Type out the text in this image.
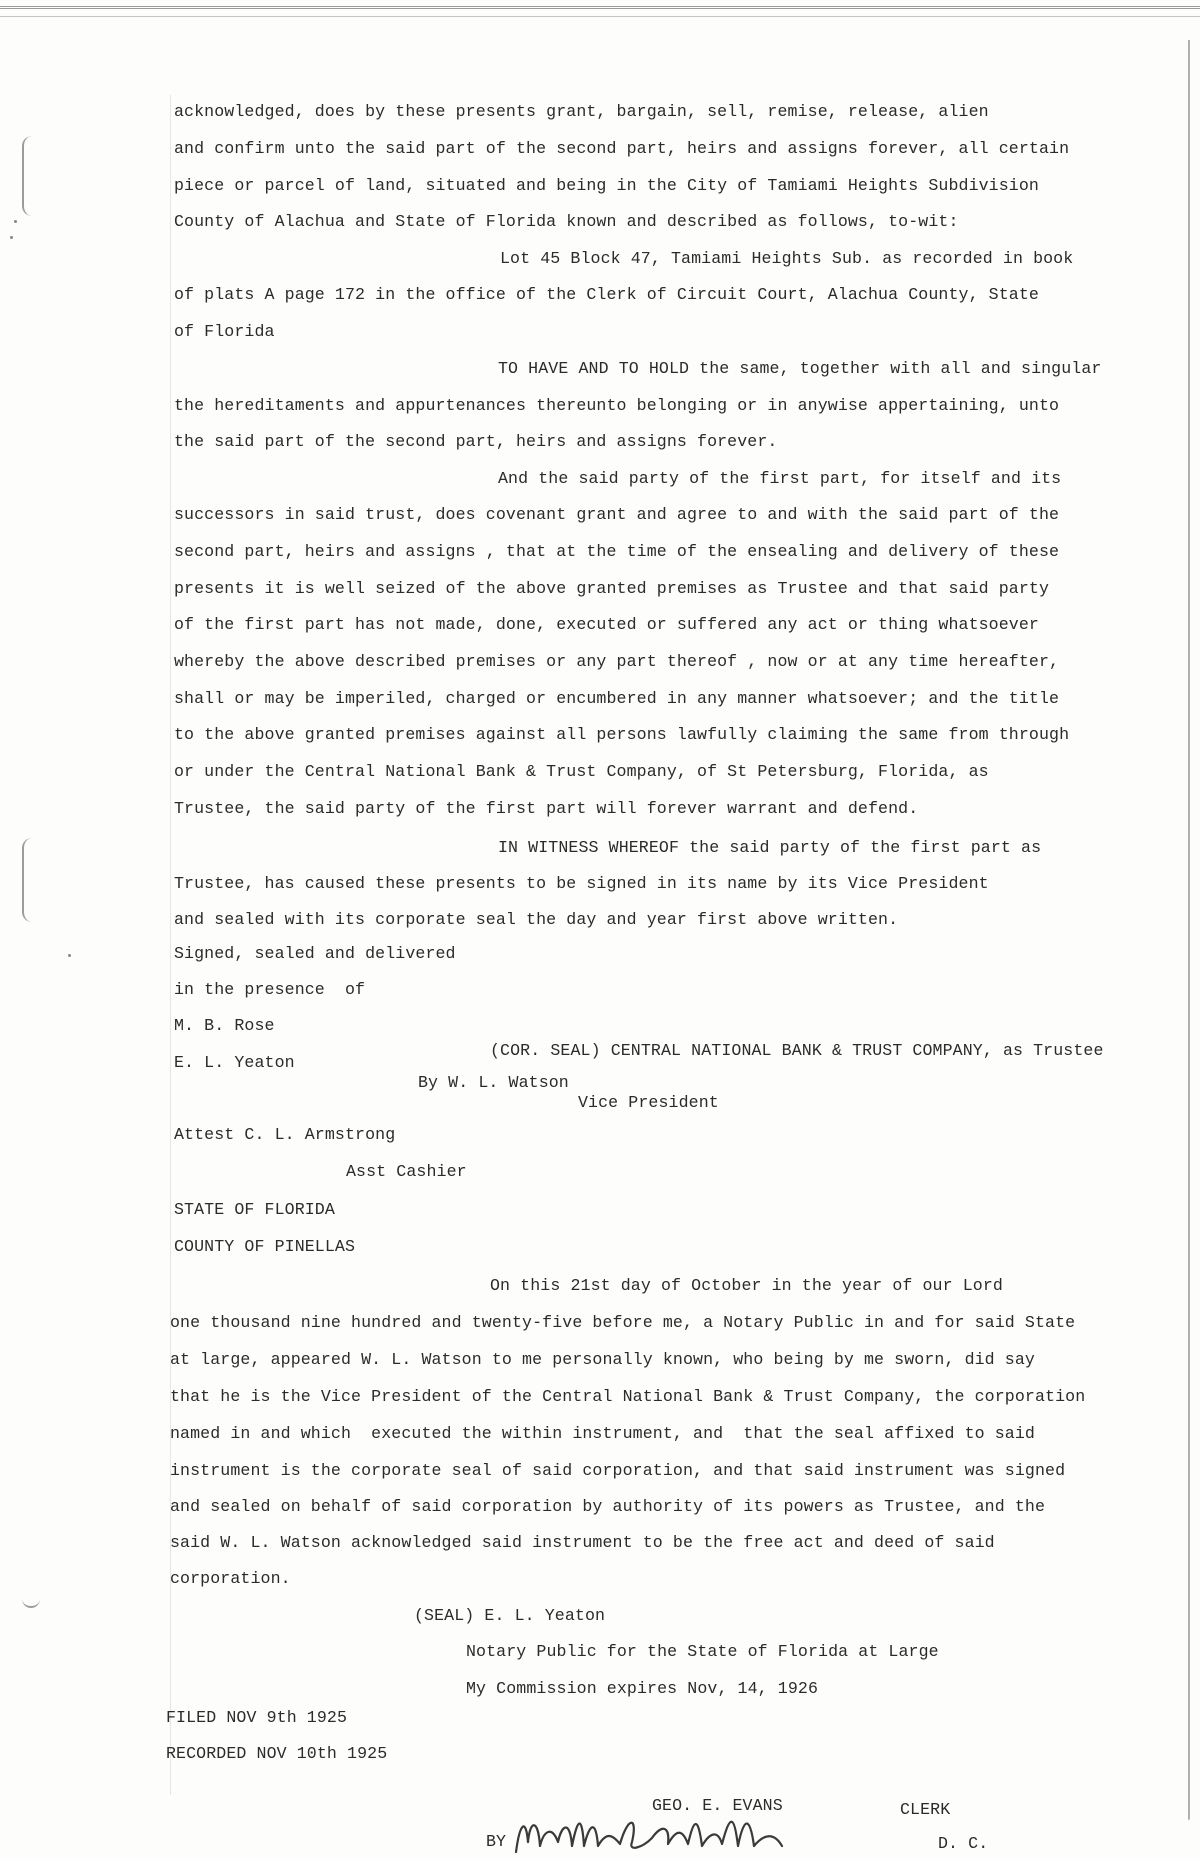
acknowledged, does by these presents grant, bargain, sell, remise, release, alien
and confirm unto the said part of the second part, heirs and assigns forever, all certain
piece or parcel of land, situated and being in the City of Tamiami Heights Subdivision
County of Alachua and State of Florida known and described as follows, to-wit:
Lot 45 Block 47, Tamiami Heights Sub. as recorded in book
of plats A page 172 in the office of the Clerk of Circuit Court, Alachua County, State
of Florida
TO HAVE AND TO HOLD the same, together with all and singular
the hereditaments and appurtenances thereunto belonging or in anywise appertaining, unto
the said part of the second part, heirs and assigns forever.
And the said party of the first part, for itself and its
successors in said trust, does covenant grant and agree to and with the said part of the
second part, heirs and assigns , that at the time of the ensealing and delivery of these
presents it is well seized of the above granted premises as Trustee and that said party
of the first part has not made, done, executed or suffered any act or thing whatsoever
whereby the above described premises or any part thereof , now or at any time hereafter,
shall or may be imperiled, charged or encumbered in any manner whatsoever; and the title
to the above granted premises against all persons lawfully claiming the same from through
or under the Central National Bank & Trust Company, of St Petersburg, Florida, as
Trustee, the said party of the first part will forever warrant and defend.
IN WITNESS WHEREOF the said party of the first part as
Trustee, has caused these presents to be signed in its name by its Vice President
and sealed with its corporate seal the day and year first above written.
Signed, sealed and delivered
in the presence  of
M. B. Rose
(COR. SEAL) CENTRAL NATIONAL BANK & TRUST COMPANY, as Trustee
E. L. Yeaton
By W. L. Watson
Vice President
Attest C. L. Armstrong
Asst Cashier
STATE OF FLORIDA
COUNTY OF PINELLAS
On this 21st day of October in the year of our Lord
one thousand nine hundred and twenty-five before me, a Notary Public in and for said State
at large, appeared W. L. Watson to me personally known, who being by me sworn, did say
that he is the Vice President of the Central National Bank & Trust Company, the corporation
named in and which  executed the within instrument, and  that the seal affixed to said
instrument is the corporate seal of said corporation, and that said instrument was signed
and sealed on behalf of said corporation by authority of its powers as Trustee, and the
said W. L. Watson acknowledged said instrument to be the free act and deed of said
corporation.
(SEAL) E. L. Yeaton
Notary Public for the State of Florida at Large
My Commission expires Nov, 14, 1926
FILED NOV 9th 1925
RECORDED NOV 10th 1925
GEO. E. EVANS	CLERK
BY	D. C.
